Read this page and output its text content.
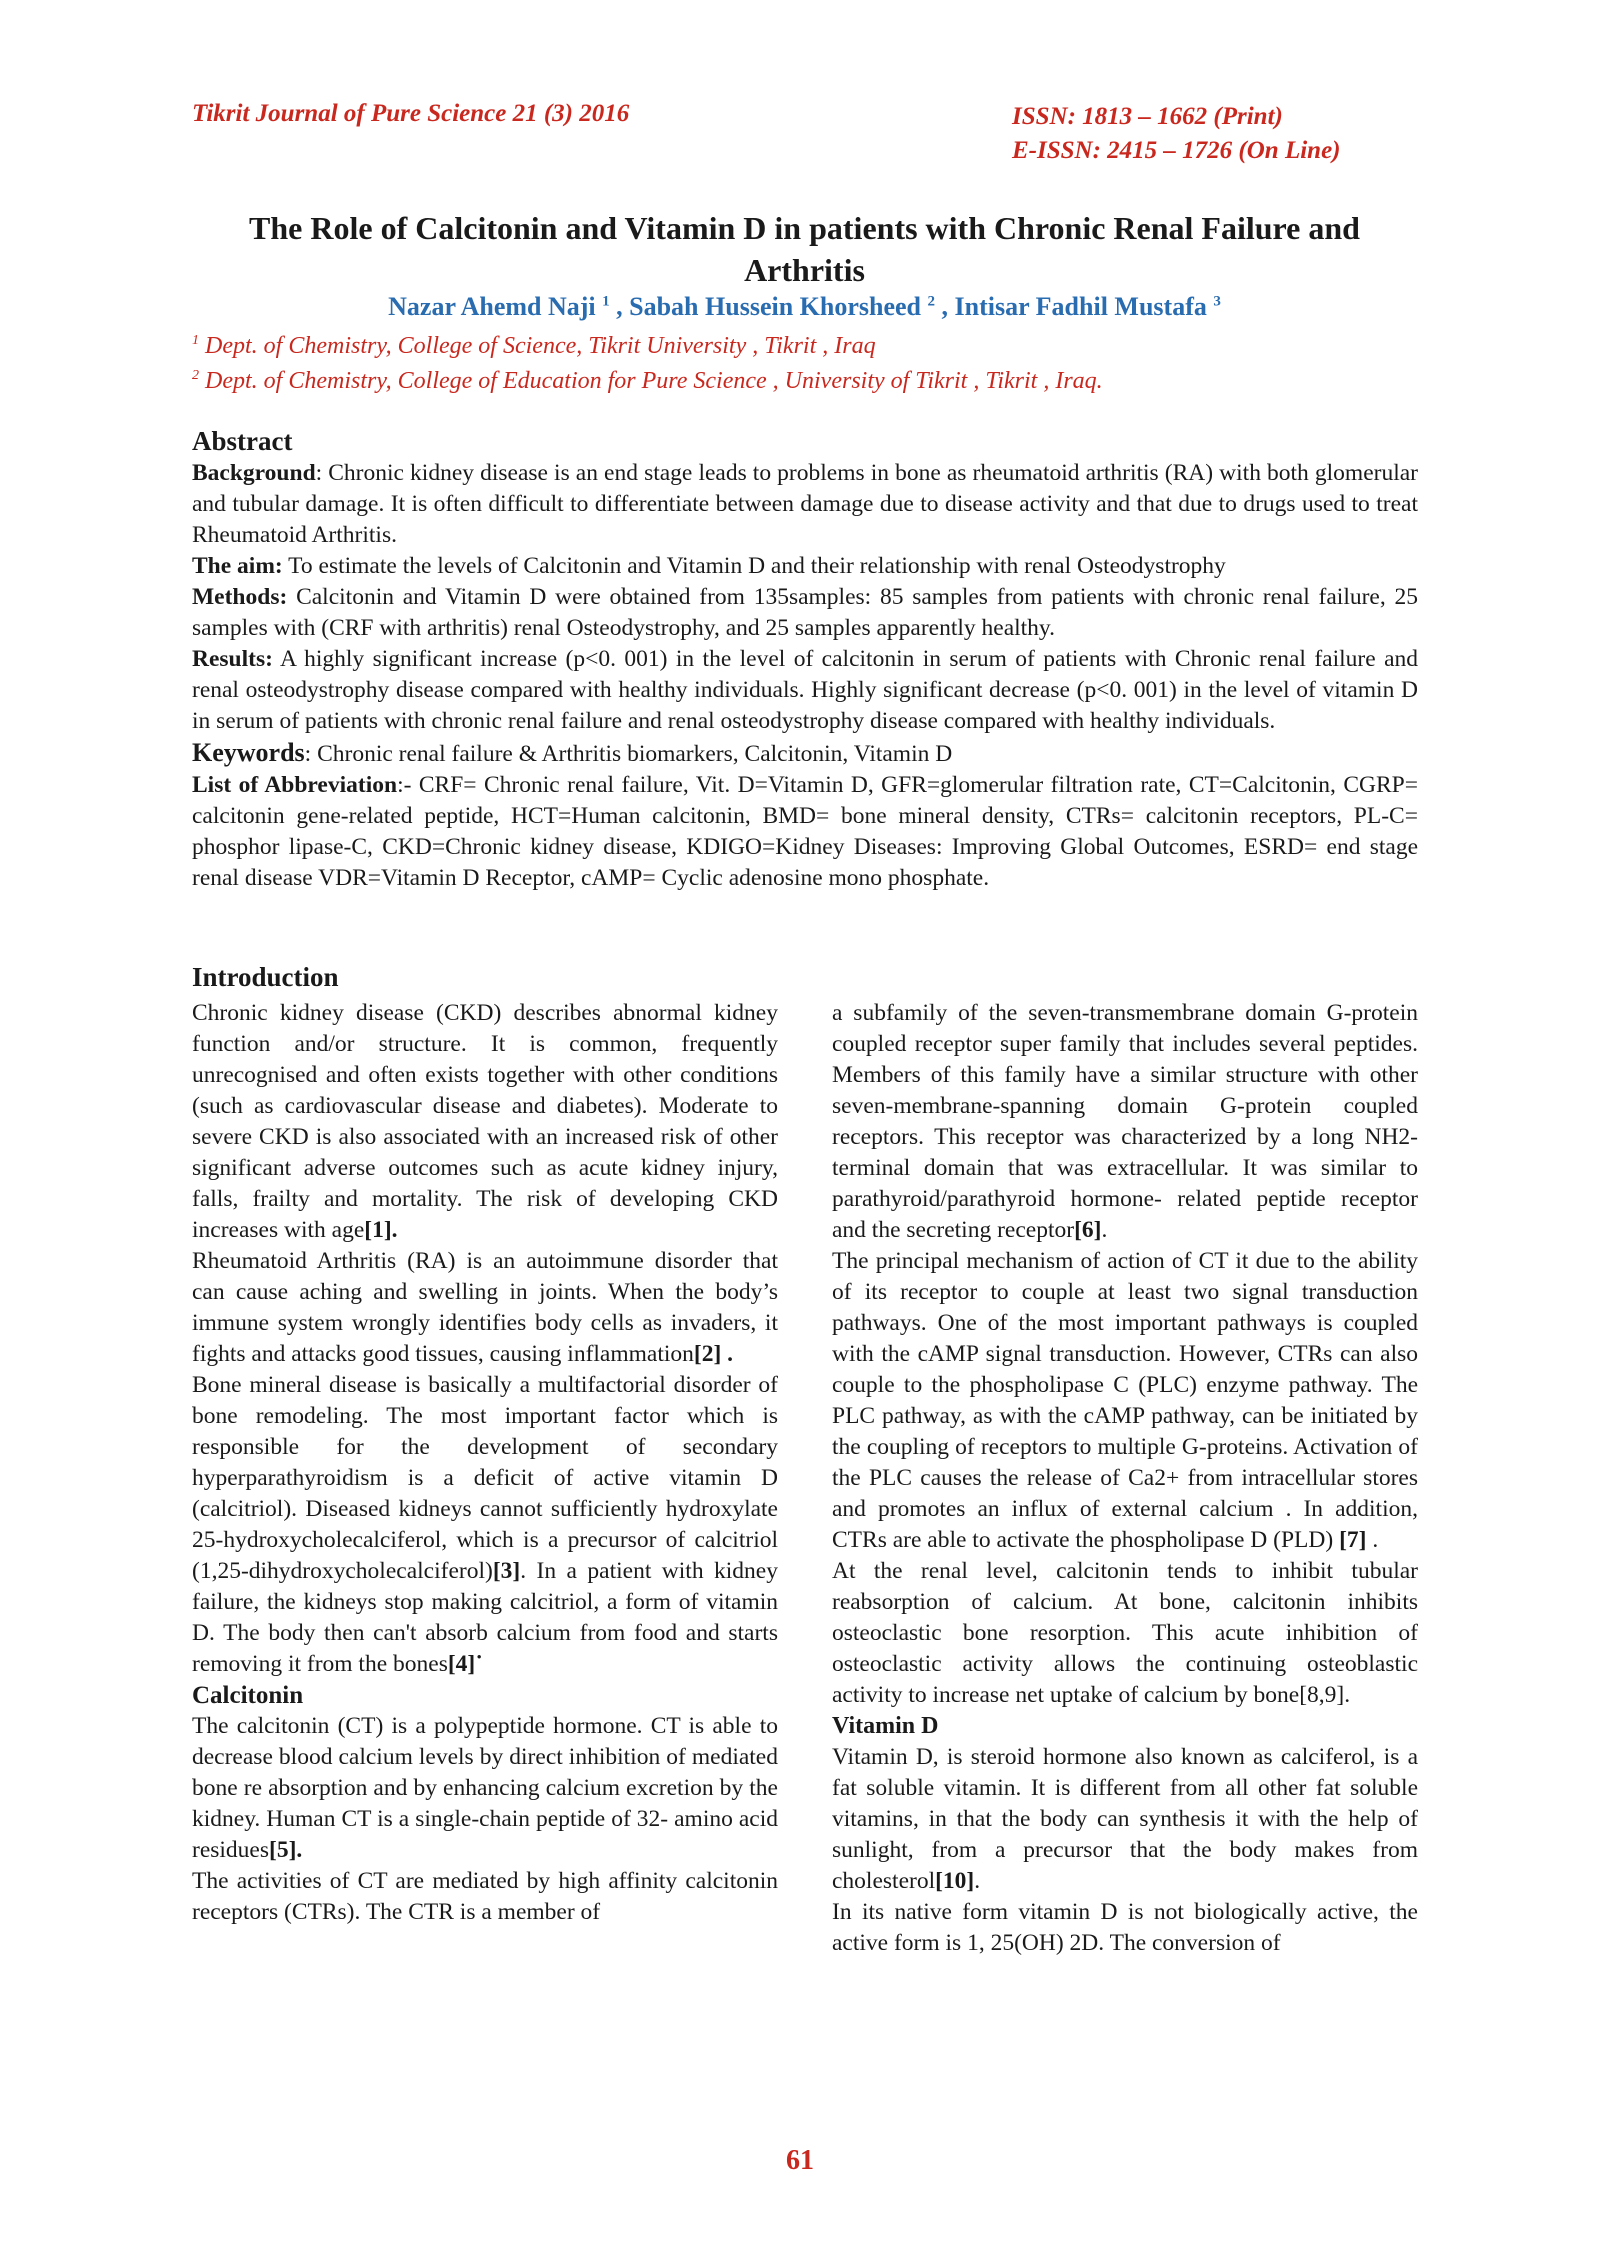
Tikrit Journal of Pure Science 21 (3) 2016	ISSN: 1813 – 1662 (Print)
E-ISSN: 2415 – 1726 (On Line)
The Role of Calcitonin and Vitamin D in patients with Chronic Renal Failure and Arthritis
Nazar Ahemd Naji $^1$ , Sabah Hussein Khorsheed $^2$ , Intisar Fadhil Mustafa $^3$
$^1$ Dept. of Chemistry, College of Science, Tikrit University , Tikrit , Iraq
$^2$ Dept. of Chemistry, College of Education for Pure Science , University of Tikrit , Tikrit , Iraq.

Abstract

Background: Chronic kidney disease is an end stage leads to problems in bone as rheumatoid arthritis (RA) with both glomerular and tubular damage. It is often difficult to differentiate between damage due to disease activity and that due to drugs used to treat Rheumatoid Arthritis.

The aim: To estimate the levels of Calcitonin and Vitamin D and their relationship with renal Osteodystrophy

Methods: Calcitonin and Vitamin D were obtained from 135samples: 85 samples from patients with chronic renal failure, 25 samples with (CRF with arthritis) renal Osteodystrophy, and 25 samples apparently healthy.

Results: A highly significant increase (p<0. 001) in the level of calcitonin in serum of patients with Chronic renal failure and renal osteodystrophy disease compared with healthy individuals. Highly significant decrease (p<0. 001) in the level of vitamin D in serum of patients with chronic renal failure and renal osteodystrophy disease compared with healthy individuals.

Keywords: Chronic renal failure & Arthritis biomarkers, Calcitonin, Vitamin D

List of Abbreviation:- CRF= Chronic renal failure, Vit. D=Vitamin D, GFR=glomerular filtration rate, CT=Calcitonin, CGRP= calcitonin gene-related peptide, HCT=Human calcitonin, BMD= bone mineral density, CTRs= calcitonin receptors, PL-C= phosphor lipase-C, CKD=Chronic kidney disease, KDIGO=Kidney Diseases: Improving Global Outcomes, ESRD= end stage renal disease VDR=Vitamin D Receptor, cAMP= Cyclic adenosine mono phosphate.

Introduction

Chronic kidney disease (CKD) describes abnormal kidney function and/or structure. It is common, frequently unrecognised and often exists together with other conditions (such as cardiovascular disease and diabetes). Moderate to severe CKD is also associated with an increased risk of other significant adverse outcomes such as acute kidney injury, falls, frailty and mortality. The risk of developing CKD increases with age[1].

Rheumatoid Arthritis (RA) is an autoimmune disorder that can cause aching and swelling in joints. When the body’s immune system wrongly identifies body cells as invaders, it fights and attacks good tissues, causing inflammation[2] .

Bone mineral disease is basically a multifactorial disorder of bone remodeling. The most important factor which is responsible for the development of secondary hyperparathyroidism is a deficit of active vitamin D (calcitriol). Diseased kidneys cannot sufficiently hydroxylate 25-hydroxycholecalciferol, which is a precursor of calcitriol (1,25-dihydroxycholecalciferol)[3]. In a patient with kidney failure, the kidneys stop making calcitriol, a form of vitamin D. The body then can't absorb calcium from food and starts removing it from the bones[4]˙

Calcitonin

The calcitonin (CT) is a polypeptide hormone. CT is able to decrease blood calcium levels by direct inhibition of mediated bone re absorption and by enhancing calcium excretion by the kidney. Human CT is a single-chain peptide of 32- amino acid residues[5].

The activities of CT are mediated by high affinity calcitonin receptors (CTRs). The CTR is a member of

a subfamily of the seven-transmembrane domain G-protein coupled receptor super family that includes several peptides. Members of this family have a similar structure with other seven-membrane-spanning domain G-protein coupled receptors. This receptor was characterized by a long NH2-terminal domain that was extracellular. It was similar to parathyroid/parathyroid hormone- related peptide receptor and the secreting receptor[6].

The principal mechanism of action of CT it due to the ability of its receptor to couple at least two signal transduction pathways. One of the most important pathways is coupled with the cAMP signal transduction. However, CTRs can also couple to the phospholipase C (PLC) enzyme pathway. The PLC pathway, as with the cAMP pathway, can be initiated by the coupling of receptors to multiple G-proteins. Activation of the PLC causes the release of Ca2+ from intracellular stores and promotes an influx of external calcium . In addition, CTRs are able to activate the phospholipase D (PLD) [7] .

At the renal level, calcitonin tends to inhibit tubular reabsorption of calcium. At bone, calcitonin inhibits osteoclastic bone resorption. This acute inhibition of osteoclastic activity allows the continuing osteoblastic activity to increase net uptake of calcium by bone[8,9].

Vitamin D

Vitamin D, is steroid hormone also known as calciferol, is a fat soluble vitamin. It is different from all other fat soluble vitamins, in that the body can synthesis it with the help of sunlight, from a precursor that the body makes from cholesterol[10].

In its native form vitamin D is not biologically active, the active form is 1, 25(OH) 2D. The conversion of

61
